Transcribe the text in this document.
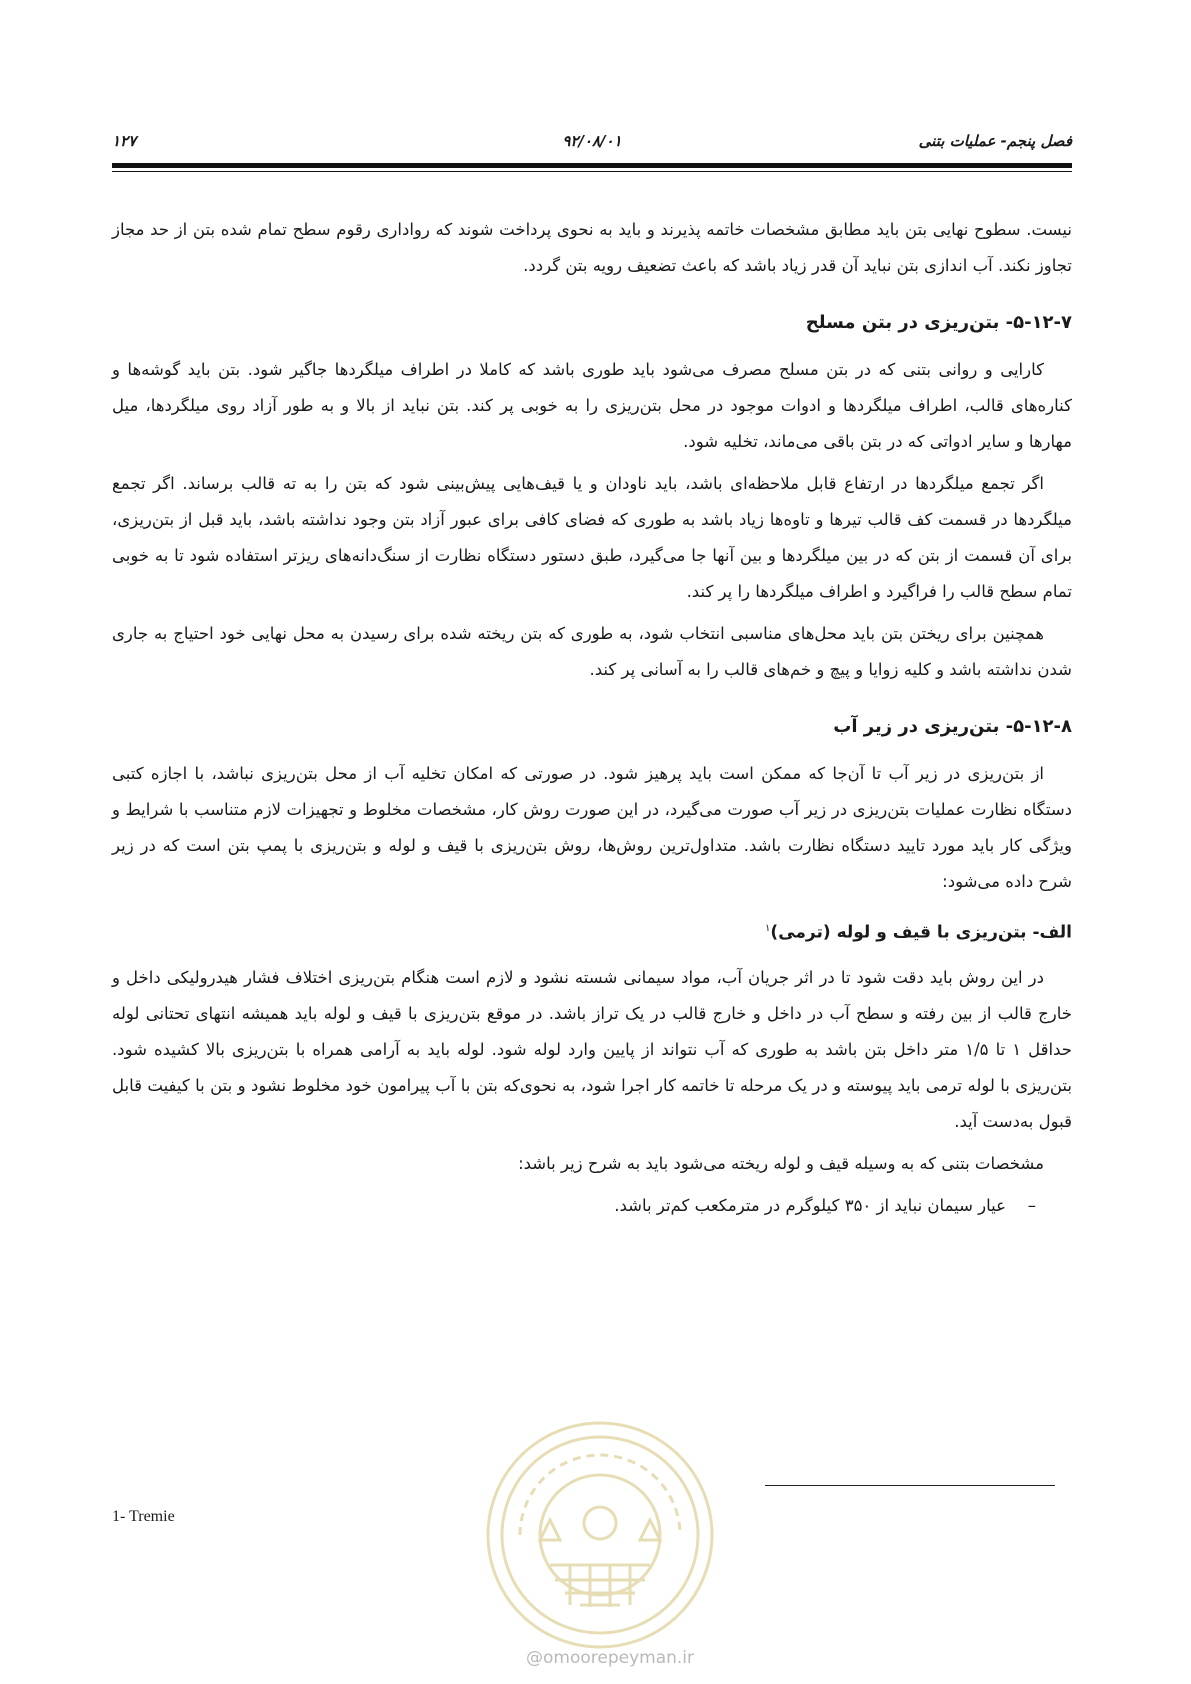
فصل پنجم- عملیات بتنی
۹۲/۰۸/۰۱
۱۲۷

نیست. سطوح نهایی بتن باید مطابق مشخصات خاتمه پذیرند و باید به نحوی پرداخت شوند که رواداری رقوم سطح تمام شده بتن از حد مجاز تجاوز نکند. آب اندازی بتن نباید آن قدر زیاد باشد که باعث تضعیف رویه بتن گردد.

۵-۱۲-۷- بتن‌ریزی در بتن مسلح

کارایی و روانی بتنی که در بتن مسلح مصرف می‌شود باید طوری باشد که کاملا در اطراف میلگردها جاگیر شود. بتن باید گوشه‌ها و کناره‌های قالب، اطراف میلگردها و ادوات موجود در محل بتن‌ریزی را به خوبی پر کند. بتن نباید از بالا و به طور آزاد روی میلگردها، میل مهارها و سایر ادواتی که در بتن باقی می‌ماند، تخلیه شود.

اگر تجمع میلگردها در ارتفاع قابل ملاحظه‌ای باشد، باید ناودان و یا قیف‌هایی پیش‌بینی شود که بتن را به ته قالب برساند. اگر تجمع میلگردها در قسمت کف قالب تیرها و تاوه‌ها زیاد باشد به طوری که فضای کافی برای عبور آزاد بتن وجود نداشته باشد، باید قبل از بتن‌ریزی، برای آن قسمت از بتن که در بین میلگردها و بین آنها جا می‌گیرد، طبق دستور دستگاه نظارت از سنگ‌دانه‌های ریزتر استفاده شود تا به خوبی تمام سطح قالب را فراگیرد و اطراف میلگردها را پر کند.

همچنین برای ریختن بتن باید محل‌های مناسبی انتخاب شود، به طوری که بتن ریخته شده برای رسیدن به محل نهایی خود احتیاج به جاری شدن نداشته باشد و کلیه زوایا و پیچ و خم‌های قالب را به آسانی پر کند.

۵-۱۲-۸- بتن‌ریزی در زیر آب

از بتن‌ریزی در زیر آب تا آن‌جا که ممکن است باید پرهیز شود. در صورتی که امکان تخلیه آب از محل بتن‌ریزی نباشد، با اجازه کتبی دستگاه نظارت عملیات بتن‌ریزی در زیر آب صورت می‌گیرد، در این صورت روش کار، مشخصات مخلوط و تجهیزات لازم متناسب با شرایط و ویژگی کار باید مورد تایید دستگاه نظارت باشد. متداول‌ترین روش‌ها، روش بتن‌ریزی با قیف و لوله و بتن‌ریزی با پمپ بتن است که در زیر شرح داده می‌شود:

الف- بتن‌ریزی با قیف و لوله (ترمی)$^۱$

در این روش باید دقت شود تا در اثر جریان آب، مواد سیمانی شسته نشود و لازم است هنگام بتن‌ریزی اختلاف فشار هیدرولیکی داخل و خارج قالب از بین رفته و سطح آب در داخل و خارج قالب در یک تراز باشد. در موقع بتن‌ریزی با قیف و لوله باید همیشه انتهای تحتانی لوله حداقل ۱ تا ۱/۵ متر داخل بتن باشد به طوری که آب نتواند از پایین وارد لوله شود. لوله باید به آرامی همراه با بتن‌ریزی بالا کشیده شود. بتن‌ریزی با لوله ترمی باید پیوسته و در یک مرحله تا خاتمه کار اجرا شود، به نحوی‌که بتن با آب پیرامون خود مخلوط نشود و بتن با کیفیت قابل قبول به‌دست آید.

مشخصات بتنی که به وسیله قیف و لوله ریخته می‌شود باید به شرح زیر باشد:

–عیار سیمان نباید از ۳۵۰ کیلوگرم در مترمکعب کم‌تر باشد.

1- Tremie
@omoorepeyman.ir
